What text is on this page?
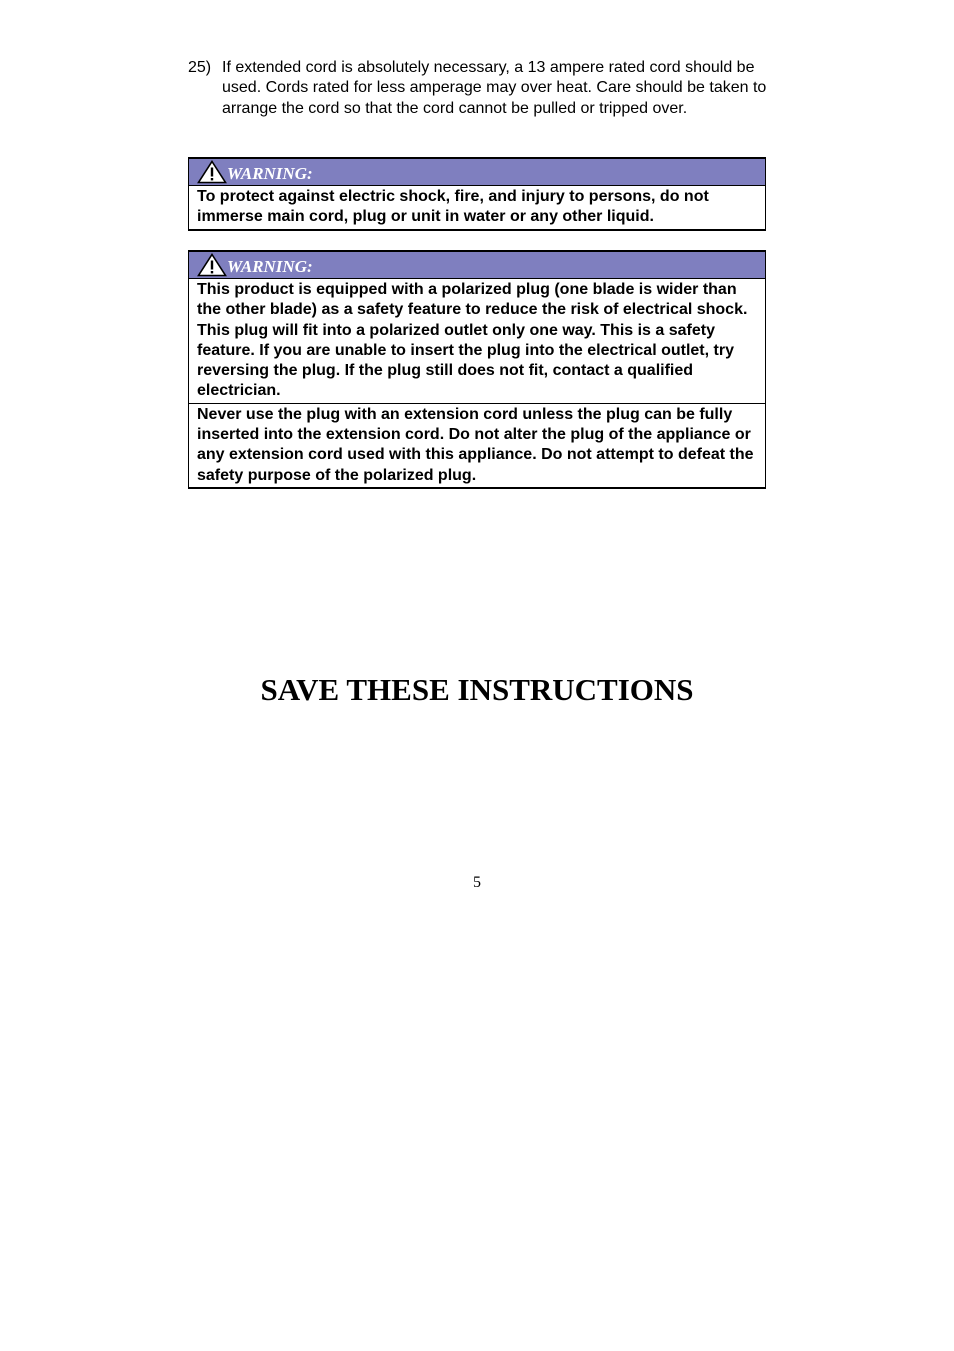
25) If extended cord is absolutely necessary, a 13 ampere rated cord should be used. Cords rated for less amperage may over heat. Care should be taken to arrange the cord so that the cord cannot be pulled or tripped over.
WARNING:
To protect against electric shock, fire, and injury to persons, do not immerse main cord, plug or unit in water or any other liquid.
WARNING:
This product is equipped with a polarized plug (one blade is wider than the other blade) as a safety feature to reduce the risk of electrical shock. This plug will fit into a polarized outlet only one way. This is a safety feature. If you are unable to insert the plug into the electrical outlet, try reversing the plug. If the plug still does not fit, contact a qualified electrician.
Never use the plug with an extension cord unless the plug can be fully inserted into the extension cord. Do not alter the plug of the appliance or any extension cord used with this appliance. Do not attempt to defeat the safety purpose of the polarized plug.
SAVE THESE INSTRUCTIONS
5
